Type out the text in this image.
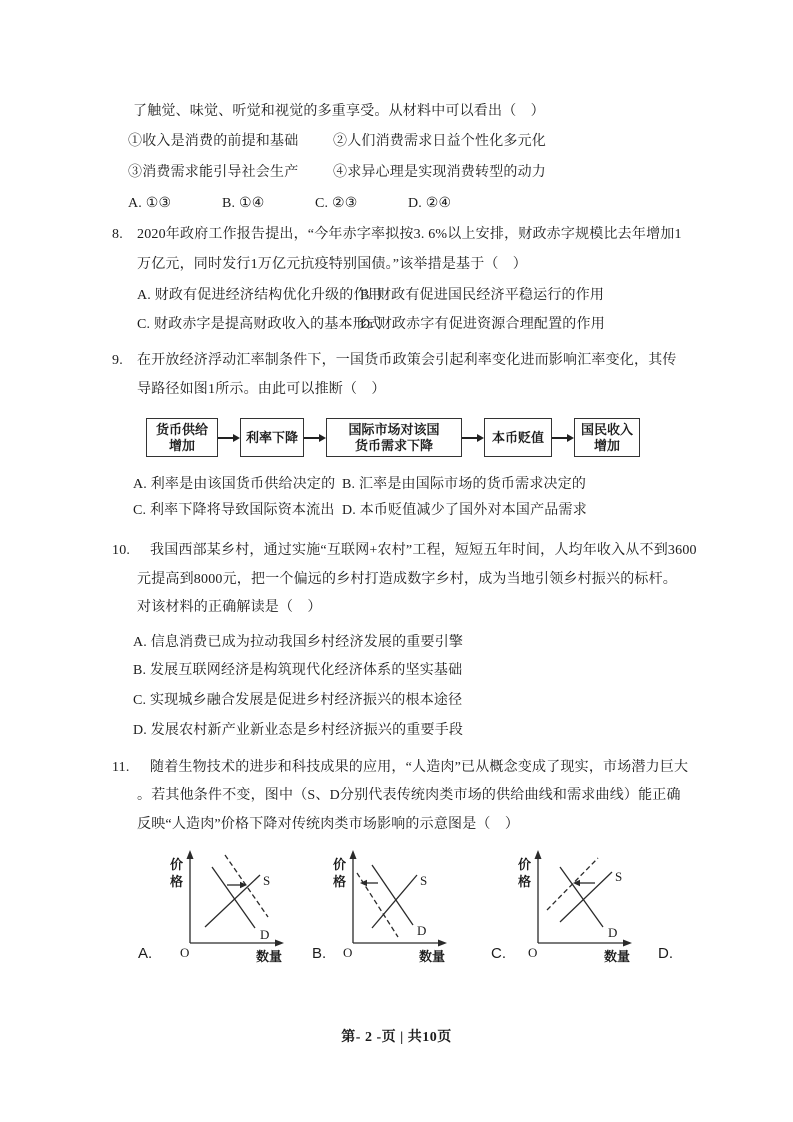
了触觉、味觉、听觉和视觉的多重享受。从材料中可以看出（　）
①收入是消费的前提和基础 ②人们消费需求日益个性化多元化
③消费需求能引导社会生产 ④求异心理是实现消费转型的动力
A. ①③	B. ①④	C. ②③	D. ②④
8. 2020年政府工作报告提出，“今年赤字率拟按3. 6%以上安排，财政赤字规模比去年增加1
万亿元，同时发行1万亿元抗疫特别国债。”该举措是基于（　）
A. 财政有促进经济结构优化升级的作用
B. 财政有促进国民经济平稳运行的作用
C. 财政赤字是提高财政收入的基本形式
D. 财政赤字有促进资源合理配置的作用
9. 在开放经济浮动汇率制条件下，一国货币政策会引起利率变化进而影响汇率变化，其传
导路径如图1所示。由此可以推断（　）
货币供给
增加
利率下降
国际市场对该国
货币需求下降
本币贬值
国民收入
增加
A. 利率是由该国货币供给决定的 B. 汇率是由国际市场的货币需求决定的
C. 利率下降将导致国际资本流出 D. 本币贬值减少了国外对本国产品需求
10. 我国西部某乡村，通过实施“互联网+农村”工程，短短五年时间，人均年收入从不到3600
元提高到8000元，把一个偏远的乡村打造成数字乡村，成为当地引领乡村振兴的标杆。
对该材料的正确解读是（　）
A. 信息消费已成为拉动我国乡村经济发展的重要引擎
B. 发展互联网经济是构筑现代化经济体系的坚实基础
C. 实现城乡融合发展是促进乡村经济振兴的根本途径
D. 发展农村新产业新业态是乡村经济振兴的重要手段
11. 随着生物技术的进步和科技成果的应用，“人造肉”已从概念变成了现实，市场潜力巨大
。若其他条件不变，图中（S、D分别代表传统肉类市场的供给曲线和需求曲线）能正确
反映“人造肉”价格下降对传统肉类市场影响的示意图是（　）
价
格
O	数量
S
D
价
格
O	数量
S
D
价
格
O	数量
S
D
A.	B.	C.	D.
第- 2 -页 | 共10页
